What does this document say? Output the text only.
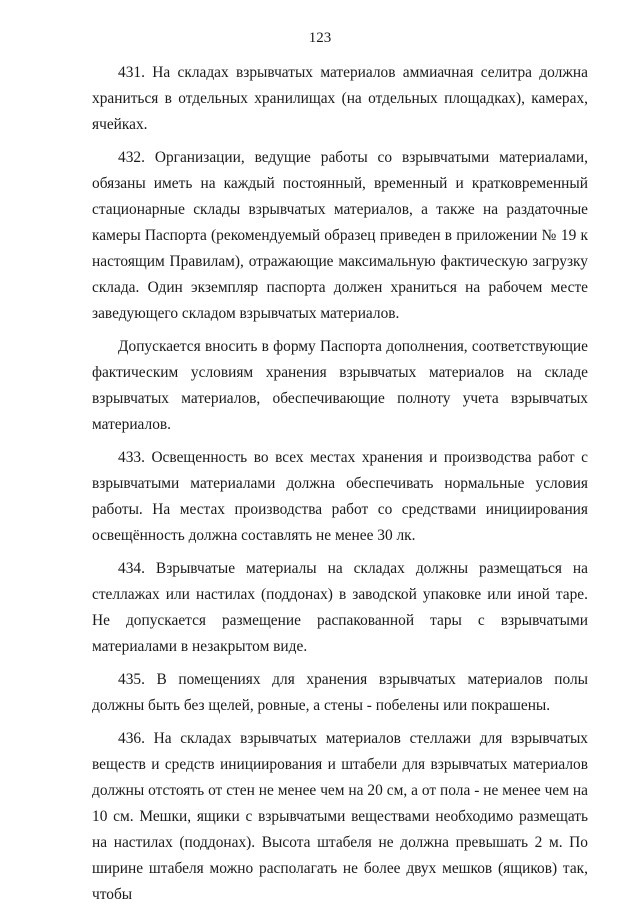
123

431. На складах взрывчатых материалов аммиачная селитра должна храниться в отдельных хранилищах (на отдельных площадках), камерах, ячейках.

432. Организации, ведущие работы со взрывчатыми материалами, обязаны иметь на каждый постоянный, временный и кратковременный стационарные склады взрывчатых материалов, а также на раздаточные камеры Паспорта (рекомендуемый образец приведен в приложении № 19 к настоящим Правилам), отражающие максимальную фактическую загрузку склада. Один экземпляр паспорта должен храниться на рабочем месте заведующего складом взрывчатых материалов.

Допускается вносить в форму Паспорта дополнения, соответствующие фактическим условиям хранения взрывчатых материалов на складе взрывчатых материалов, обеспечивающие полноту учета взрывчатых материалов.

433. Освещенность во всех местах хранения и производства работ с взрывчатыми материалами должна обеспечивать нормальные условия работы. На местах производства работ со средствами инициирования освещённость должна составлять не менее 30 лк.

434. Взрывчатые материалы на складах должны размещаться на стеллажах или настилах (поддонах) в заводской упаковке или иной таре. Не допускается размещение распакованной тары с взрывчатыми материалами в незакрытом виде.

435. В помещениях для хранения взрывчатых материалов полы должны быть без щелей, ровные, а стены - побелены или покрашены.

436. На складах взрывчатых материалов стеллажи для взрывчатых веществ и средств инициирования и штабели для взрывчатых материалов должны отстоять от стен не менее чем на 20 см, а от пола - не менее чем на 10 см. Мешки, ящики с взрывчатыми веществами необходимо размещать на настилах (поддонах). Высота штабеля не должна превышать 2 м. По ширине штабеля можно располагать не более двух мешков (ящиков) так, чтобы
